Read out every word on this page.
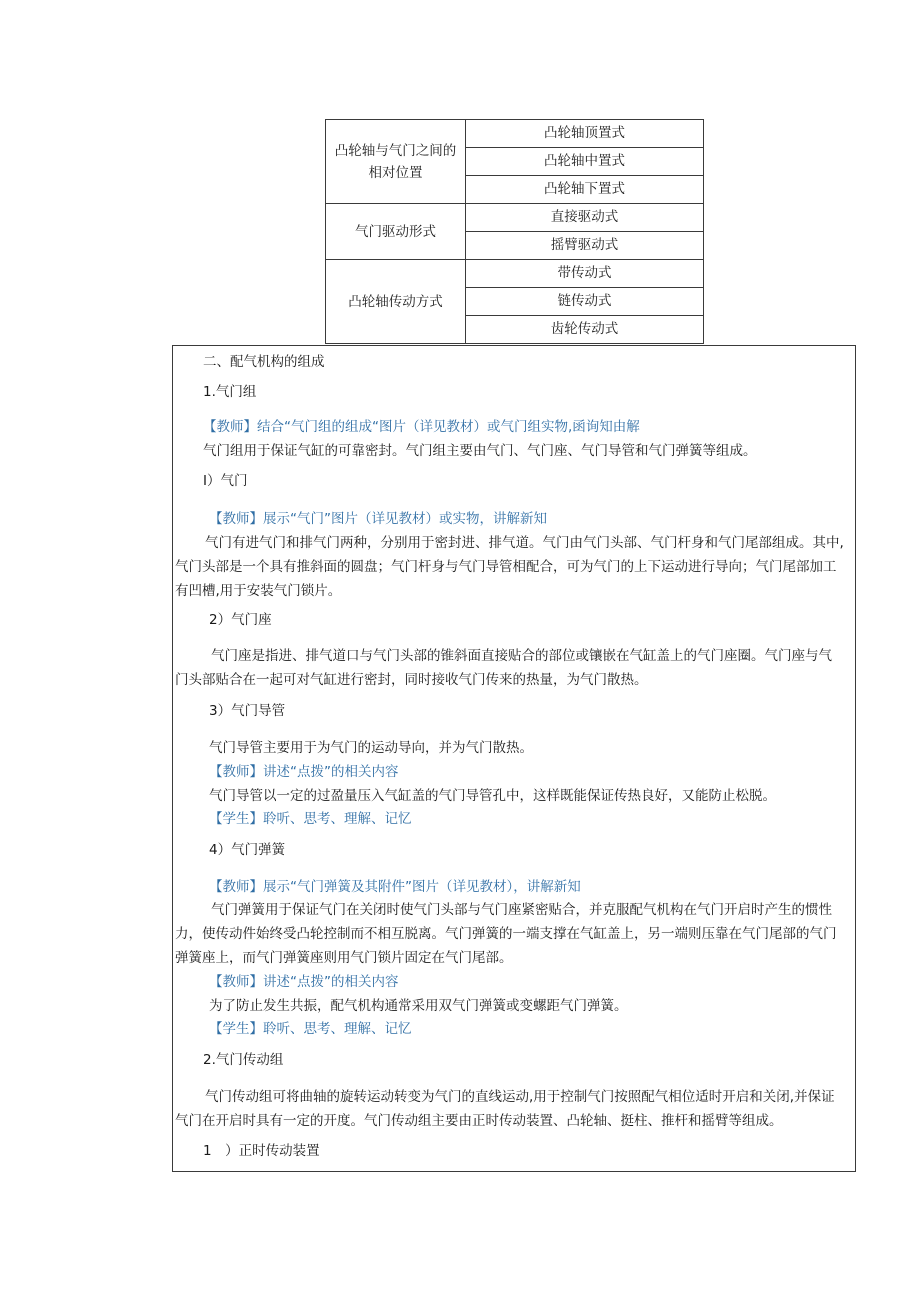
凸轮轴与气门之间的
相对位置	凸轮轴顶置式
	凸轮轴中置式
	凸轮轴下置式
气门驱动形式	直接驱动式
	摇臂驱动式
凸轮轴传动方式	带传动式
	链传动式
	齿轮传动式
二、配气机构的组成
1.气门组
【教师】结合“气门组的组成“图片（详见教材）或气门组实物,函询知由解
气门组用于保证气缸的可靠密封。气门组主要由气门、气门座、气门导管和气门弹簧等组成。
I）气门
【教师】展示“气门”图片（详见教材）或实物，讲解新知
气门有进气门和排气门两种，分别用于密封进、排气道。气门由气门头部、气门杆身和气门尾部组成。其中,
气门头部是一个具有推斜面的圆盘；气门杆身与气门导管相配合，可为气门的上下运动进行导向；气门尾部加工
有凹槽,用于安装气门锁片。
2）气门座
气门座是指进、排气道口与气门头部的锥斜面直接贴合的部位或镶嵌在气缸盖上的气门座圈。气门座与气
门头部贴合在一起可对气缸进行密封，同时接收气门传来的热量，为气门散热。
3）气门导管
气门导管主要用于为气门的运动导向，并为气门散热。
【教师】讲述“点拨”的相关内容
气门导管以一定的过盈量压入气缸盖的气门导管孔中，这样既能保证传热良好，又能防止松脱。
【学生】聆听、思考、理解、记忆
4）气门弹簧
【教师】展示“气门弹簧及其附件”图片（详见教材），讲解新知
气门弹簧用于保证气门在关闭时使气门头部与气门座紧密贴合，并克服配气机构在气门开启时产生的惯性
力，使传动件始终受凸轮控制而不相互脱离。气门弹簧的一端支撑在气缸盖上，另一端则压靠在气门尾部的气门
弹簧座上，而气门弹簧座则用气门锁片固定在气门尾部。
【教师】讲述“点拨”的相关内容
为了防止发生共振，配气机构通常采用双气门弹簧或变螺距气门弹簧。
【学生】聆听、思考、理解、记忆
2.气门传动组
气门传动组可将曲轴的旋转运动转变为气门的直线运动,用于控制气门按照配气相位适时开启和关闭,并保证
气门在开启时具有一定的开度。气门传动组主要由正时传动装置、凸轮轴、挺柱、推杆和摇臂等组成。
1　）正时传动装置
